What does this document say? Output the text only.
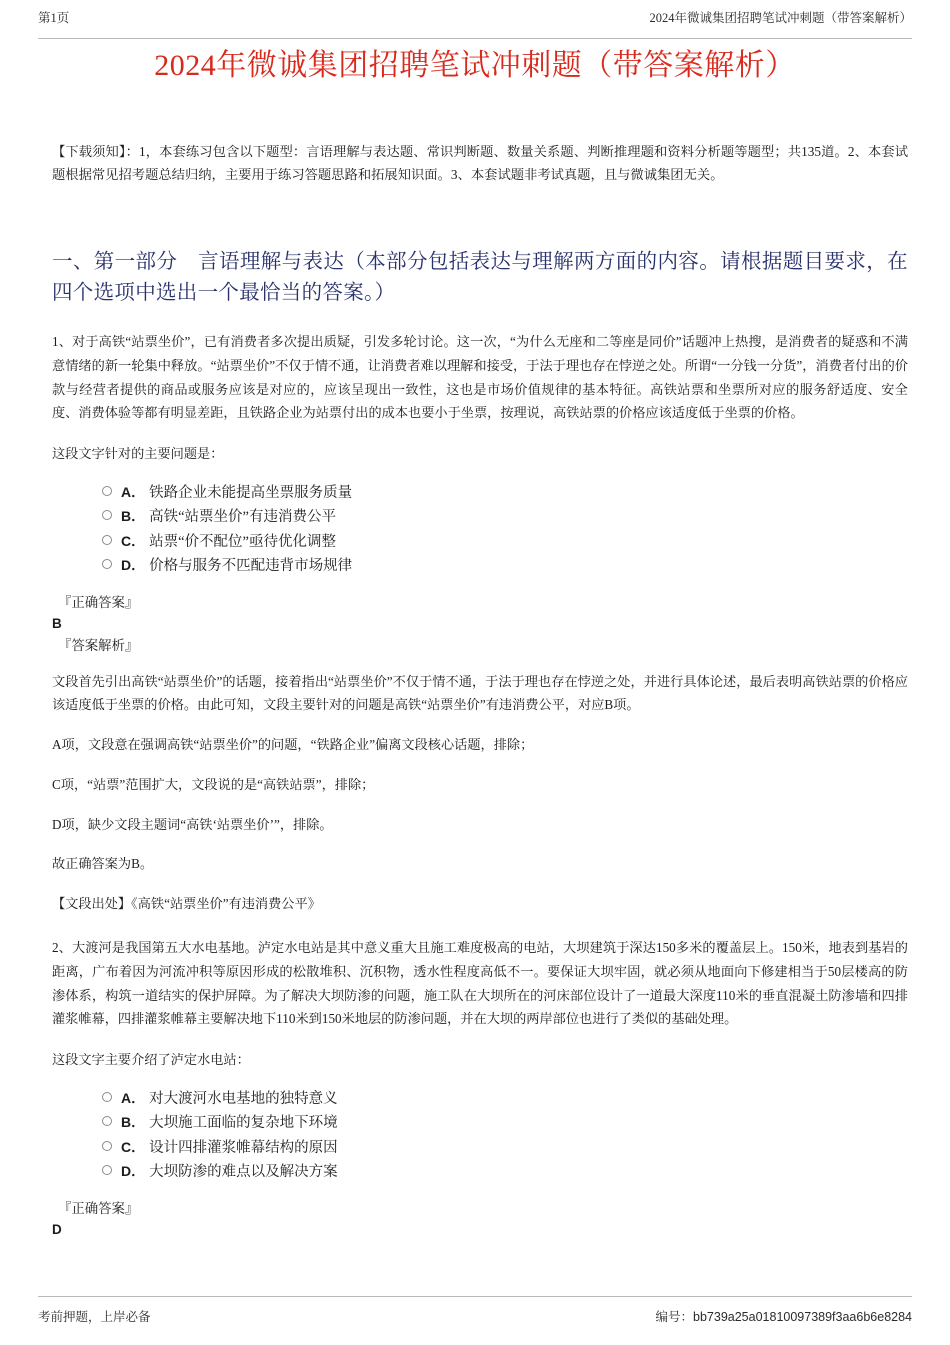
第1页	2024年微诚集团招聘笔试冲刺题（带答案解析）
2024年微诚集团招聘笔试冲刺题（带答案解析）

【下载须知】：1，本套练习包含以下题型：言语理解与表达题、常识判断题、数量关系题、判断推理题和资料分析题等题型；共135道。2、本套试题根据常见招考题总结归纳，主要用于练习答题思路和拓展知识面。3、本套试题非考试真题，且与微诚集团无关。

一、第一部分　言语理解与表达（本部分包括表达与理解两方面的内容。请根据题目要求，在四个选项中选出一个最恰当的答案。）

1、对于高铁“站票坐价”，已有消费者多次提出质疑，引发多轮讨论。这一次，“为什么无座和二等座是同价”话题冲上热搜，是消费者的疑惑和不满意情绪的新一轮集中释放。“站票坐价”不仅于情不通，让消费者难以理解和接受，于法于理也存在悖逆之处。所谓“一分钱一分货”，消费者付出的价款与经营者提供的商品或服务应该是对应的，应该呈现出一致性，这也是市场价值规律的基本特征。高铁站票和坐票所对应的服务舒适度、安全度、消费体验等都有明显差距，且铁路企业为站票付出的成本也要小于坐票，按理说，高铁站票的价格应该适度低于坐票的价格。

这段文字针对的主要问题是：

A． 铁路企业未能提高坐票服务质量
B． 高铁“站票坐价”有违消费公平
C． 站票“价不配位”亟待优化调整
D． 价格与服务不匹配违背市场规律
『正确答案』
B
『答案解析』

文段首先引出高铁“站票坐价”的话题，接着指出“站票坐价”不仅于情不通，于法于理也存在悖逆之处，并进行具体论述，最后表明高铁站票的价格应该适度低于坐票的价格。由此可知，文段主要针对的问题是高铁“站票坐价”有违消费公平，对应B项。

A项，文段意在强调高铁“站票坐价”的问题，“铁路企业”偏离文段核心话题，排除；

C项，“站票”范围扩大，文段说的是“高铁站票”，排除；

D项，缺少文段主题词“高铁‘站票坐价’”，排除。

故正确答案为B。

【文段出处】《高铁“站票坐价”有违消费公平》

2、大渡河是我国第五大水电基地。泸定水电站是其中意义重大且施工难度极高的电站，大坝建筑于深达150多米的覆盖层上。150米，地表到基岩的距离，广布着因为河流冲积等原因形成的松散堆积、沉积物，透水性程度高低不一。要保证大坝牢固，就必须从地面向下修建相当于50层楼高的防渗体系，构筑一道结实的保护屏障。为了解决大坝防渗的问题，施工队在大坝所在的河床部位设计了一道最大深度110米的垂直混凝土防渗墙和四排灌浆帷幕，四排灌浆帷幕主要解决地下110米到150米地层的防渗问题，并在大坝的两岸部位也进行了类似的基础处理。

这段文字主要介绍了泸定水电站：

A． 对大渡河水电基地的独特意义
B． 大坝施工面临的复杂地下环境
C． 设计四排灌浆帷幕结构的原因
D． 大坝防渗的难点以及解决方案
『正确答案』
D
考前押题，上岸必备	编号：bb739a25a01810097389f3aa6b6e8284
